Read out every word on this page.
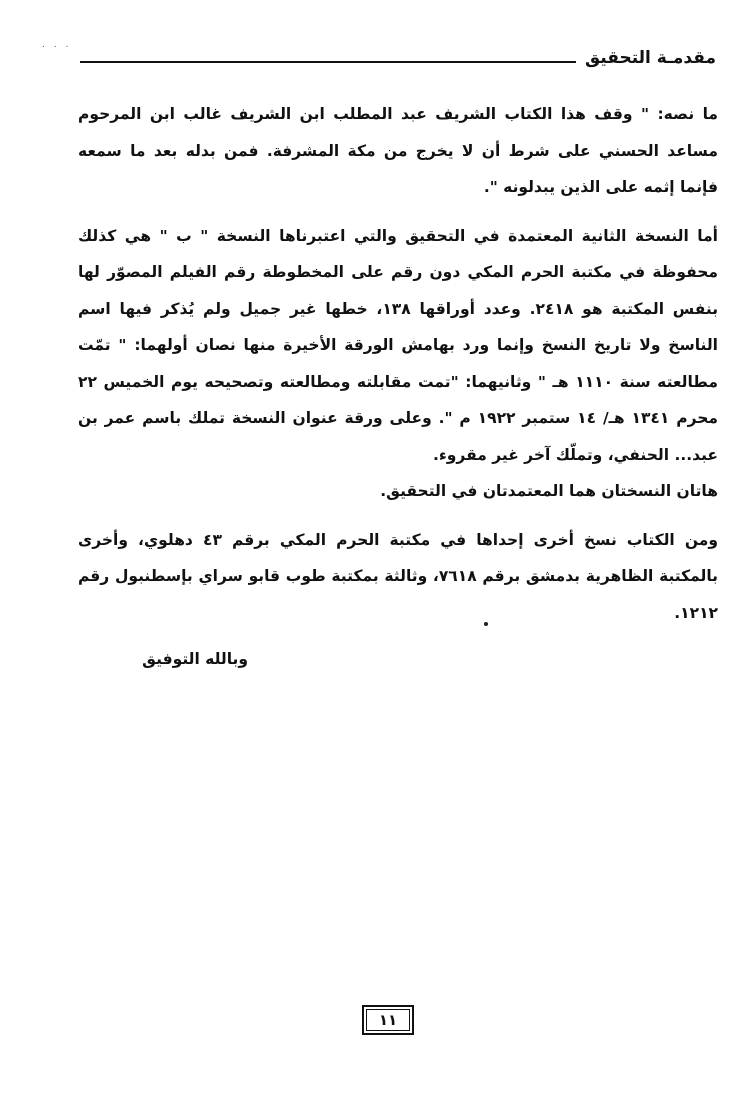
. . .
مقدمـة التحقيق

ما نصه: " وقف هذا الكتاب الشريف عبد المطلب ابن الشريف غالب ابن المرحوم مساعد الحسني على شرط أن لا يخرج من مكة المشرفة. فمن بدله بعد ما سمعه فإنما إثمه على الذين يبدلونه ".

أما النسخة الثانية المعتمدة في التحقيق والتي اعتبرناها النسخة " ب " هي كذلك محفوظة في مكتبة الحرم المكي دون رقم على المخطوطة رقم الفيلم المصوّر لها بنفس المكتبة هو ٢٤١٨. وعدد أوراقها ١٣٨، خطها غير جميل ولم يُذكر فيها اسم الناسخ ولا تاريخ النسخ وإنما ورد بهامش الورقة الأخيرة منها نصان أولهما: " تمّت مطالعته سنة ١١١٠ هـ " وثانيهما: "تمت مقابلته ومطالعته وتصحيحه يوم الخميس ٢٢ محرم ١٣٤١ هـ/ ١٤ ستمبر ١٩٢٢ م ". وعلى ورقة عنوان النسخة تملك باسم عمر بن عبد... الحنفي، وتملّك آخر غير مقروء.

هاتان النسختان هما المعتمدتان في التحقيق.

ومن الكتاب نسخ أخرى إحداها في مكتبة الحرم المكي برقم ٤٣ دهلوي، وأخرى بالمكتبة الظاهرية بدمشق برقم ٧٦١٨، وثالثة بمكتبة طوب قابو سراي بإسطنبول رقم ١٢١٢.

وبالله التوفيق

١١
